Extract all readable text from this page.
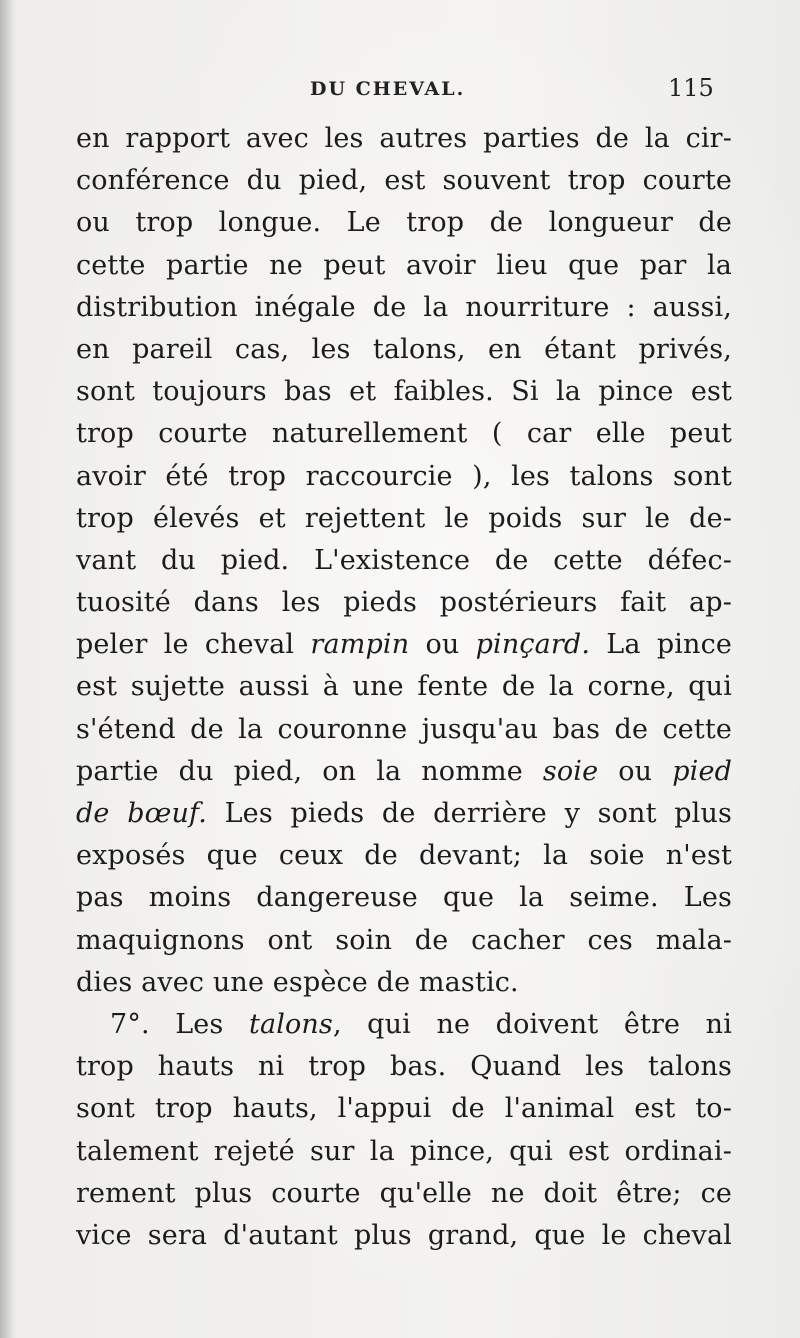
DU CHEVAL.	115
en rapport avec les autres parties de la cir-
conférence du pied, est souvent trop courte
ou trop longue. Le trop de longueur de
cette partie ne peut avoir lieu que par la
distribution inégale de la nourriture : aussi,
en pareil cas, les talons, en étant privés,
sont toujours bas et faibles. Si la pince est
trop courte naturellement ( car elle peut
avoir été trop raccourcie ), les talons sont
trop élevés et rejettent le poids sur le de-
vant du pied. L'existence de cette défec-
tuosité dans les pieds postérieurs fait ap-
peler le cheval rampin ou pinçard. La pince
est sujette aussi à une fente de la corne, qui
s'étend de la couronne jusqu'au bas de cette
partie du pied, on la nomme soie ou pied
de bœuf. Les pieds de derrière y sont plus
exposés que ceux de devant; la soie n'est
pas moins dangereuse que la seime. Les
maquignons ont soin de cacher ces mala-
dies avec une espèce de mastic.
7°. Les talons, qui ne doivent être ni
trop hauts ni trop bas. Quand les talons
sont trop hauts, l'appui de l'animal est to-
talement rejeté sur la pince, qui est ordinai-
rement plus courte qu'elle ne doit être; ce
vice sera d'autant plus grand, que le cheval
